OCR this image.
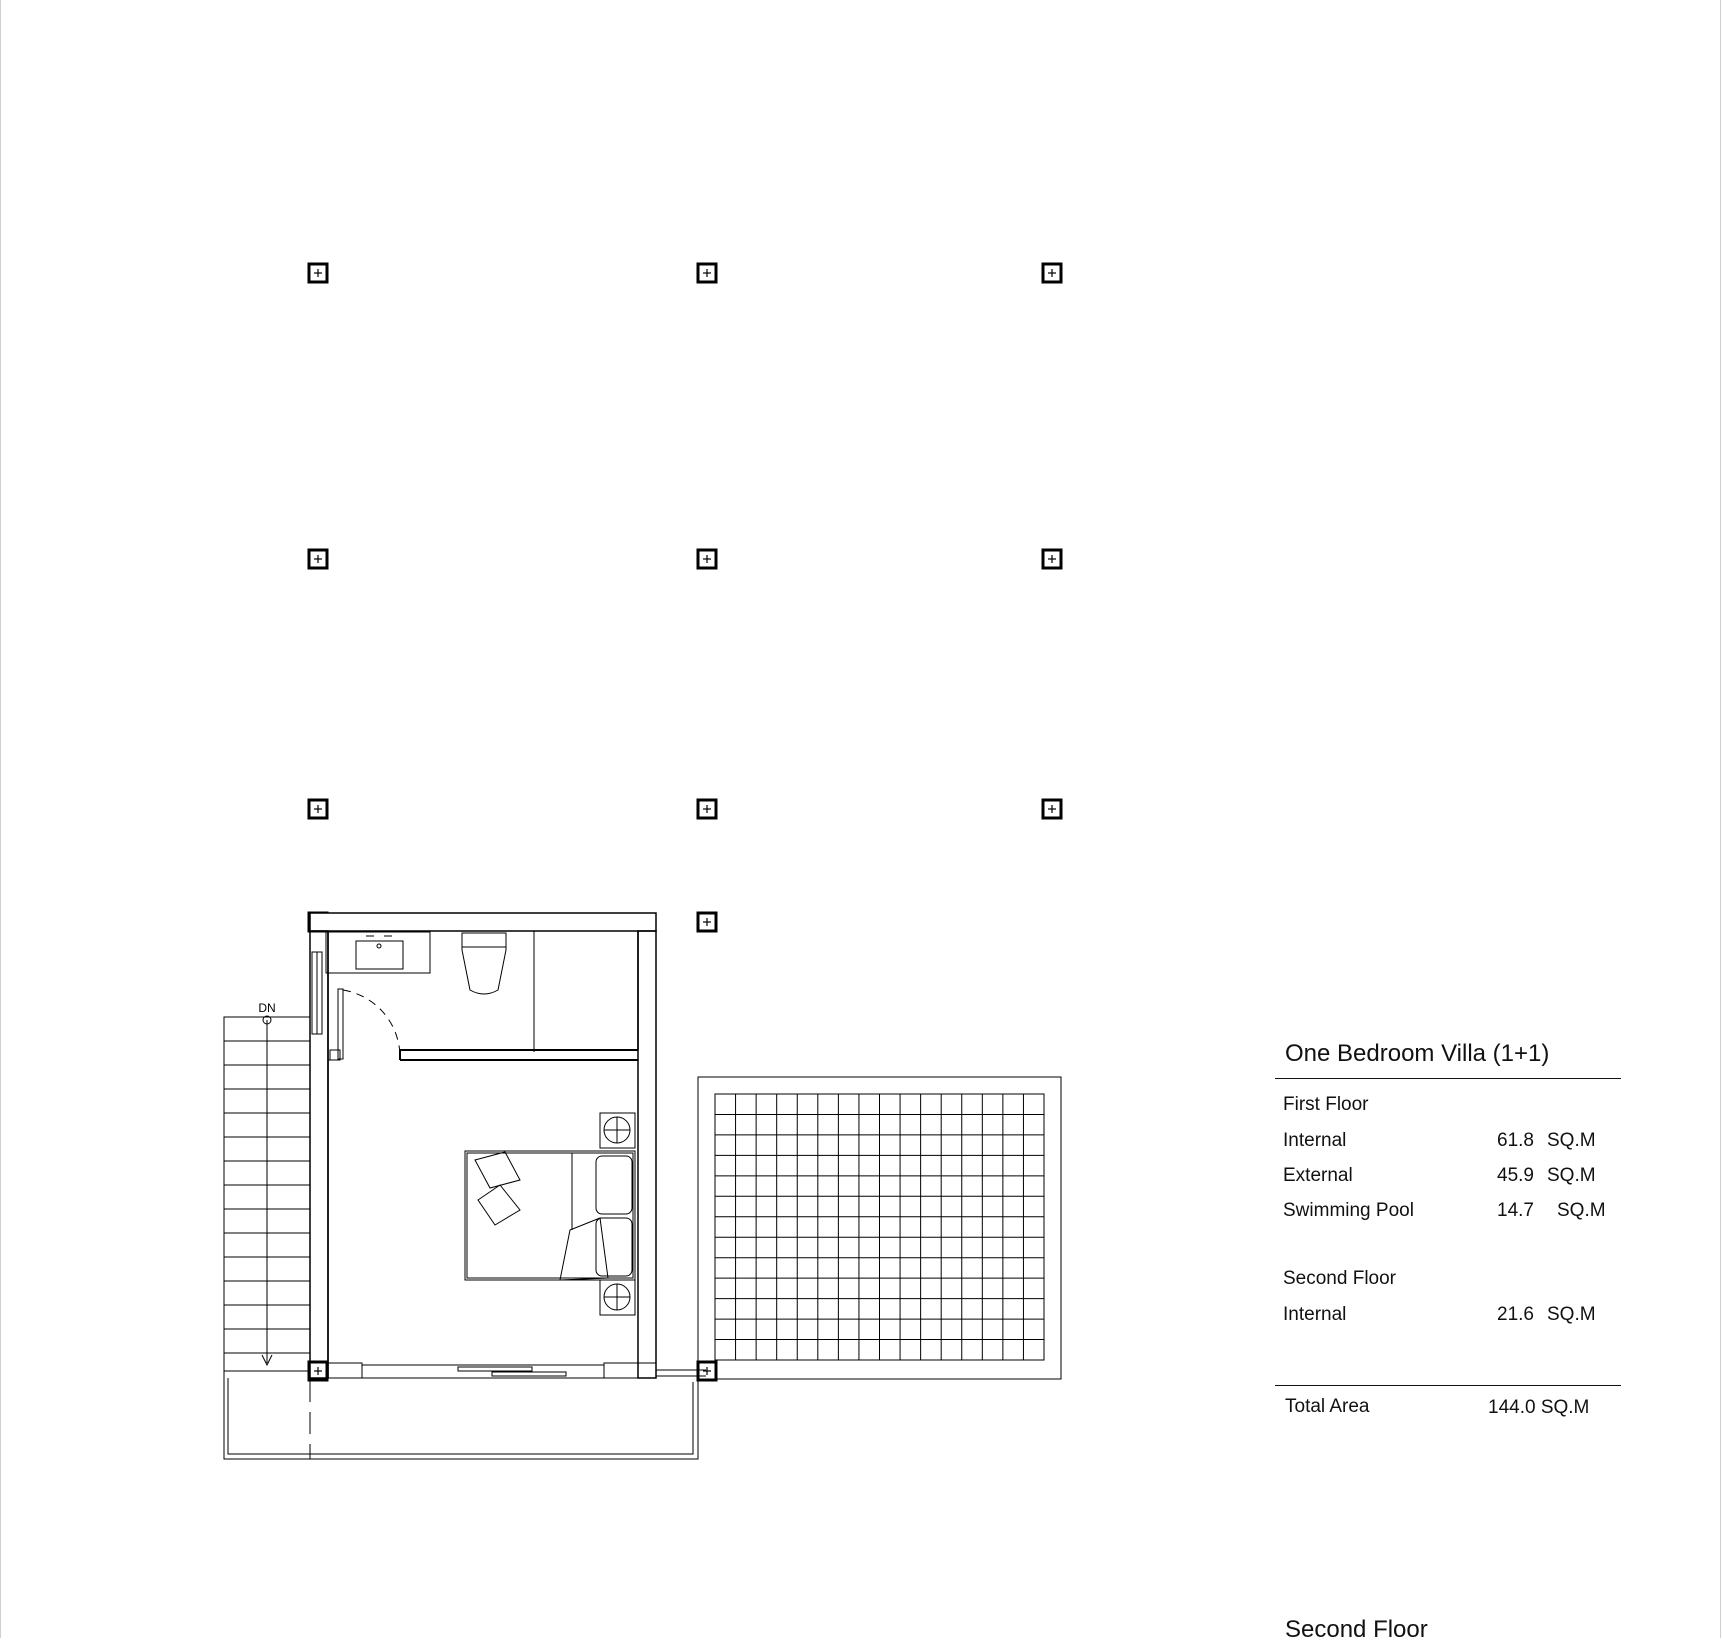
DN
One Bedroom Villa (1+1)
First Floor
Internal	61.8 SQ.M
External	45.9 SQ.M
Swimming Pool	14.7 SQ.M
Second Floor
Internal	21.6 SQ.M
Total Area	144.0 SQ.M
Second Floor
